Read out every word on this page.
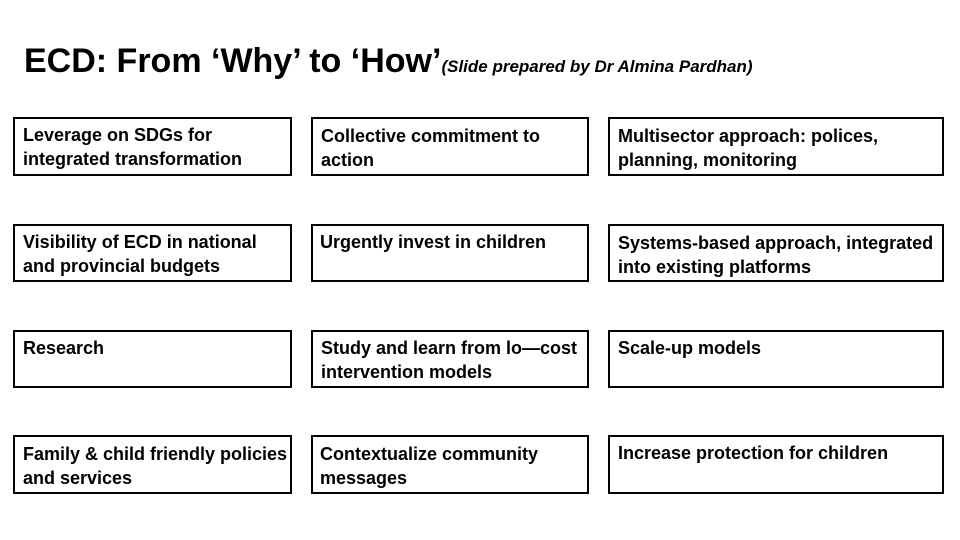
ECD: From ‘Why’ to ‘How’(Slide prepared by Dr Almina Pardhan)
Leverage on SDGs for integrated transformation
Collective commitment to action
Multisector approach: polices, planning, monitoring
Visibility of ECD in national and provincial budgets
Urgently invest in children	Systems-based approach, integrated into existing platforms
Research	Study and learn from lo—cost intervention models
Scale-up models
Family & child friendly policies and services
Contextualize community messages
Increase protection for children
